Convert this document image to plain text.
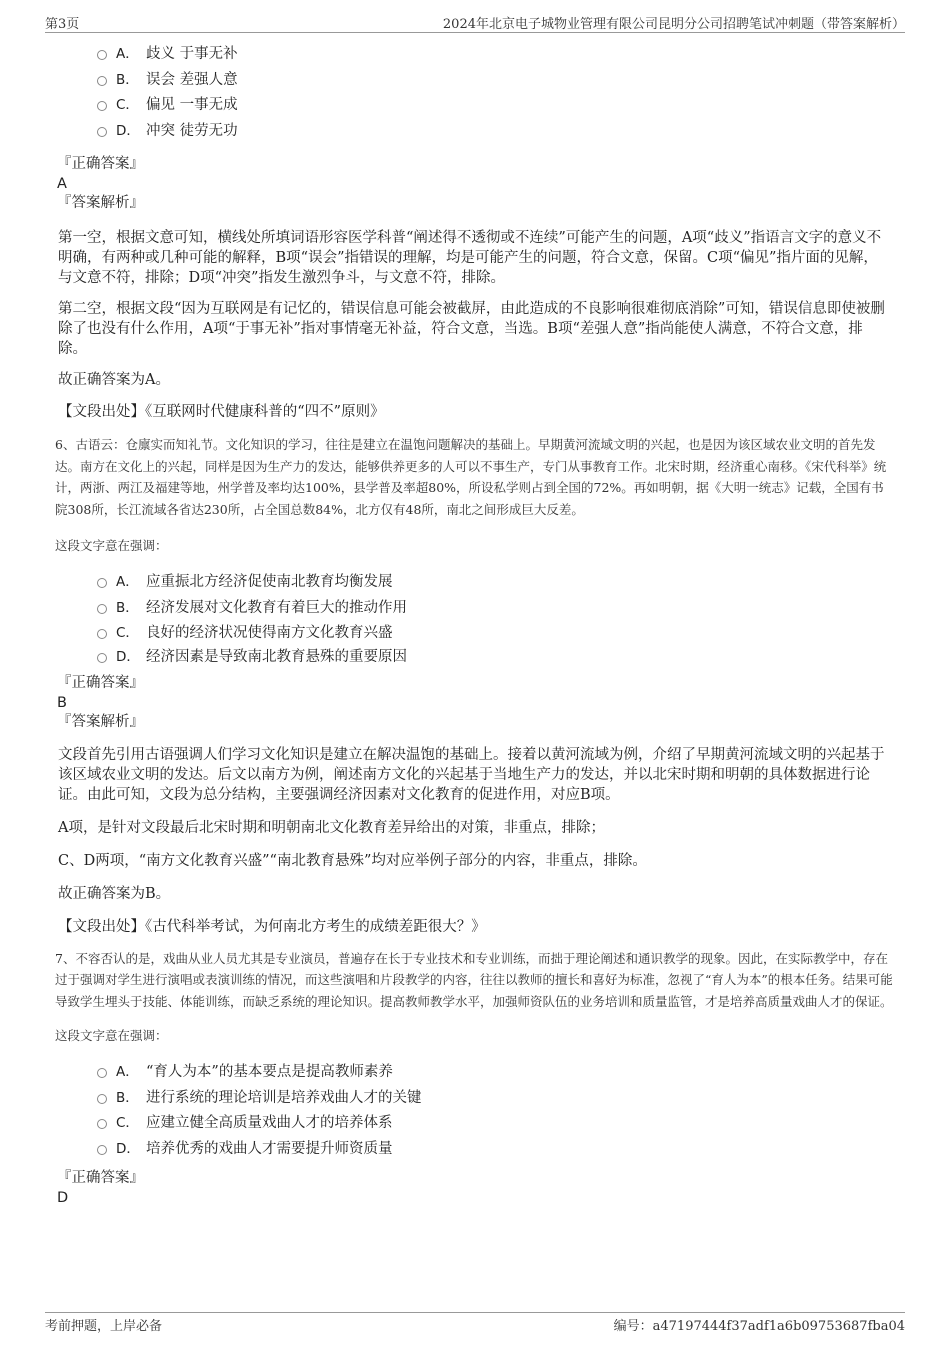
第3页	2024年北京电子城物业管理有限公司昆明分公司招聘笔试冲刺题（带答案解析）
A． 歧义 于事无补
B． 误会 差强人意
C． 偏见 一事无成
D． 冲突 徒劳无功
『正确答案』
A
『答案解析』

第一空，根据文意可知，横线处所填词语形容医学科普“阐述得不透彻或不连续”可能产生的问题，A项“歧义”指语言文字的意义不明确，有两种或几种可能的解释，B项“误会”指错误的理解，均是可能产生的问题，符合文意，保留。C项“偏见”指片面的见解，与文意不符，排除；D项“冲突”指发生激烈争斗，与文意不符，排除。

第二空，根据文段“因为互联网是有记忆的，错误信息可能会被截屏，由此造成的不良影响很难彻底消除”可知，错误信息即使被删除了也没有什么作用，A项“于事无补”指对事情毫无补益，符合文意，当选。B项“差强人意”指尚能使人满意，不符合文意，排除。

故正确答案为A。

【文段出处】《互联网时代健康科普的“四不”原则》

6、古语云：仓廪实而知礼节。文化知识的学习，往往是建立在温饱问题解决的基础上。早期黄河流域文明的兴起，也是因为该区域农业文明的首先发达。南方在文化上的兴起，同样是因为生产力的发达，能够供养更多的人可以不事生产，专门从事教育工作。北宋时期，经济重心南移。《宋代科举》统计，两浙、两江及福建等地，州学普及率均达100%，县学普及率超80%，所设私学则占到全国的72%。再如明朝，据《大明一统志》记载，全国有书院308所，长江流域各省达230所，占全国总数84%，北方仅有48所，南北之间形成巨大反差。

这段文字意在强调：

A． 应重振北方经济促使南北教育均衡发展
B． 经济发展对文化教育有着巨大的推动作用
C． 良好的经济状况使得南方文化教育兴盛
D． 经济因素是导致南北教育悬殊的重要原因
『正确答案』
B
『答案解析』

文段首先引用古语强调人们学习文化知识是建立在解决温饱的基础上。接着以黄河流域为例，介绍了早期黄河流域文明的兴起基于该区域农业文明的发达。后文以南方为例，阐述南方文化的兴起基于当地生产力的发达，并以北宋时期和明朝的具体数据进行论证。由此可知，文段为总分结构，主要强调经济因素对文化教育的促进作用，对应B项。

A项，是针对文段最后北宋时期和明朝南北文化教育差异给出的对策，非重点，排除；

C、D两项，“南方文化教育兴盛”“南北教育悬殊”均对应举例子部分的内容，非重点，排除。

故正确答案为B。

【文段出处】《古代科举考试，为何南北方考生的成绩差距很大？》

7、不容否认的是，戏曲从业人员尤其是专业演员，普遍存在长于专业技术和专业训练，而拙于理论阐述和通识教学的现象。因此，在实际教学中，存在过于强调对学生进行演唱或表演训练的情况，而这些演唱和片段教学的内容，往往以教师的擅长和喜好为标准，忽视了“育人为本”的根本任务。结果可能导致学生埋头于技能、体能训练，而缺乏系统的理论知识。提高教师教学水平，加强师资队伍的业务培训和质量监管，才是培养高质量戏曲人才的保证。

这段文字意在强调：

A． “育人为本”的基本要点是提高教师素养
B． 进行系统的理论培训是培养戏曲人才的关键
C． 应建立健全高质量戏曲人才的培养体系
D． 培养优秀的戏曲人才需要提升师资质量
『正确答案』
D
考前押题，上岸必备	编号：a47197444f37adf1a6b09753687fba04
